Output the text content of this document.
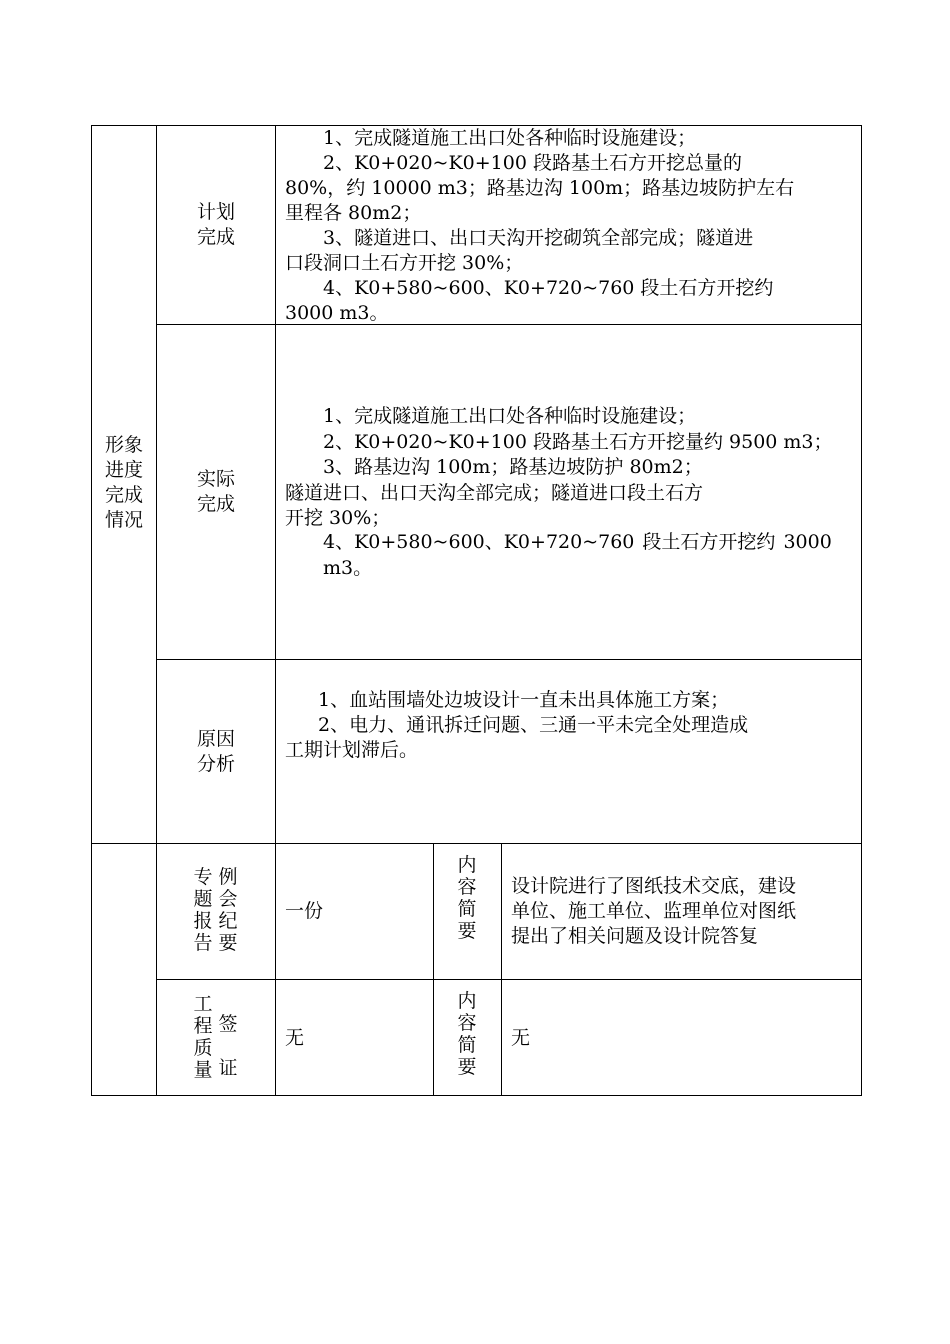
形象
进度
完成
情况
计划
完成
1、完成隧道施工出口处各种临时设施建设；
2、K0+020~K0+100 段路基土石方开挖总量的
80%，约 10000 m3；路基边沟 100m；路基边坡防护左右
里程各 80m2；
3、隧道进口、出口天沟开挖砌筑全部完成；隧道进
口段洞口土石方开挖 30%；
4、K0+580~600、K0+720~760 段土石方开挖约
3000 m3。
实际
完成
1、完成隧道施工出口处各种临时设施建设；
2、K0+020~K0+100 段路基土石方开挖量约 9500 m3；
3、路基边沟 100m；路基边坡防护 80m2；
隧道进口、出口天沟全部完成；隧道进口段土石方
开挖 30%；
4、K0+580~600、K0+720~760 段土石方开挖约 3000
m3。
原因
分析
1、血站围墙处边坡设计一直未出具体施工方案；
2、电力、通讯拆迁问题、三通一平未完全处理造成
工期计划滞后。
专
题
报
告
例
会
纪
要
一份
内
容
简
要
设计院进行了图纸技术交底，建设
单位、施工单位、监理单位对图纸
提出了相关问题及设计院答复
工
程
质
量
签
证
无
内
容
简
要
无
